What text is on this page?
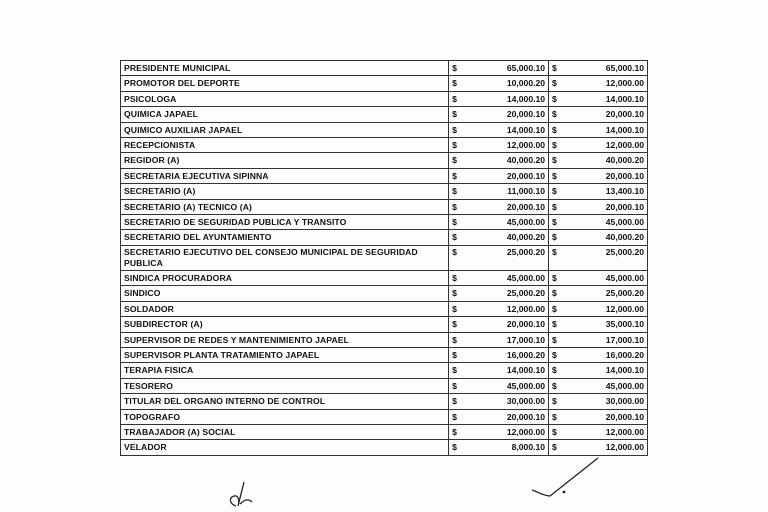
PRESIDENTE MUNICIPAL	$	65,000.10	$	65,000.10
PROMOTOR DEL DEPORTE	$	10,000.20	$	12,000.00
PSICOLOGA	$	14,000.10	$	14,000.10
QUIMICA JAPAEL	$	20,000.10	$	20,000.10
QUIMICO AUXILIAR JAPAEL	$	14,000.10	$	14,000.10
RECEPCIONISTA	$	12,000.00	$	12,000.00
REGIDOR (A)	$	40,000.20	$	40,000.20
SECRETARIA EJECUTIVA SIPINNA	$	20,000.10	$	20,000.10
SECRETARIO (A)	$	11,000.10	$	13,400.10
SECRETARIO (A) TECNICO (A)	$	20,000.10	$	20,000.10
SECRETARIO DE SEGURIDAD PUBLICA Y TRANSITO	$	45,000.00	$	45,000.00
SECRETARIO DEL AYUNTAMIENTO	$	40,000.20	$	40,000.20
SECRETARIO EJECUTIVO DEL CONSEJO MUNICIPAL DE SEGURIDAD PUBLICA	$	25,000.20	$	25,000.20
SINDICA PROCURADORA	$	45,000.00	$	45,000.00
SINDICO	$	25,000.20	$	25,000.20
SOLDADOR	$	12,000.00	$	12,000.00
SUBDIRECTOR (A)	$	20,000.10	$	35,000.10
SUPERVISOR DE REDES Y MANTENIMIENTO JAPAEL	$	17,000.10	$	17,000.10
SUPERVISOR PLANTA TRATAMIENTO JAPAEL	$	16,000.20	$	16,000.20
TERAPIA FISICA	$	14,000.10	$	14,000.10
TESORERO	$	45,000.00	$	45,000.00
TITULAR DEL ORGANO INTERNO DE CONTROL	$	30,000.00	$	30,000.00
TOPOGRAFO	$	20,000.10	$	20,000.10
TRABAJADOR (A) SOCIAL	$	12,000.00	$	12,000.00
VELADOR	$	8,000.10	$	12,000.00
